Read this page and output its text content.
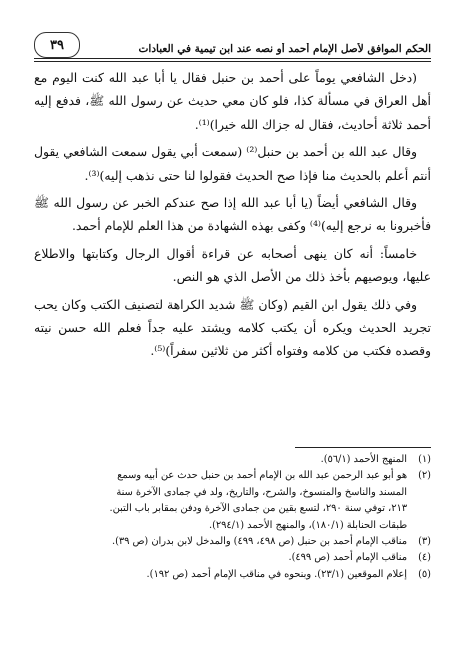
الحكم الموافق لأصل الإمام أحمد أو نصه عند ابن تيمية في العبادات
٣٩

(دخل الشافعي يوماً على أحمد بن حنبل فقال يا أبا عبد الله كنت اليوم مع أهل العراق في مسألة كذا، فلو كان معي حديث عن رسول الله ﷺ، فدفع إليه أحمد ثلاثة أحاديث، فقال له جزاك الله خيرا)⁽¹⁾.

وقال عبد الله بن أحمد بن حنبل⁽²⁾ (سمعت أبي يقول سمعت الشافعي يقول أنتم أعلم بالحديث منا فإذا صح الحديث فقولوا لنا حتى نذهب إليه)⁽³⁾.

وقال الشافعي أيضاً (يا أبا عبد الله إذا صح عندكم الخبر عن رسول الله ﷺ فأخبرونا به نرجع إليه)⁽⁴⁾ وكفى بهذه الشهادة من هذا العلم للإمام أحمد.

خامساً: أنه كان ينهى أصحابه عن قراءة أقوال الرجال وكتابتها والاطلاع عليها، ويوصيهم بأخذ ذلك من الأصل الذي هو النص.

وفي ذلك يقول ابن القيم (وكان ﷺ شديد الكراهة لتصنيف الكتب وكان يحب تجريد الحديث ويكره أن يكتب كلامه ويشتد عليه جداً فعلم الله حسن نيته وقصده فكتب من كلامه وفتواه أكثر من ثلاثين سفراً)⁽⁵⁾.

(١)
المنهج الأحمد (٥٦/١).
(٢)
هو أبو عبد الرحمن عبد الله بن الإمام أحمد بن حنبل حدث عن أبيه وسمع
المسند والناسخ والمنسوخ، والشرح، والتاريخ، ولد في جمادى الآخرة سنة
٢١٣، توفي سنة ٢٩٠، لتسع بقين من جمادى الآخرة ودفن بمقابر باب التبن.
طبقات الحنابلة (١٨٠/١)، والمنهج الأحمد (٢٩٤/١).
(٣)
مناقب الإمام أحمد بن حنبل (ص ٤٩٨، ٤٩٩) والمدخل لابن بدران (ص ٣٩).
(٤)
مناقب الإمام أحمد (ص ٤٩٩).
(٥)
إعلام الموقعين (٢٣/١). وبنحوه في مناقب الإمام أحمد (ص ١٩٢).
